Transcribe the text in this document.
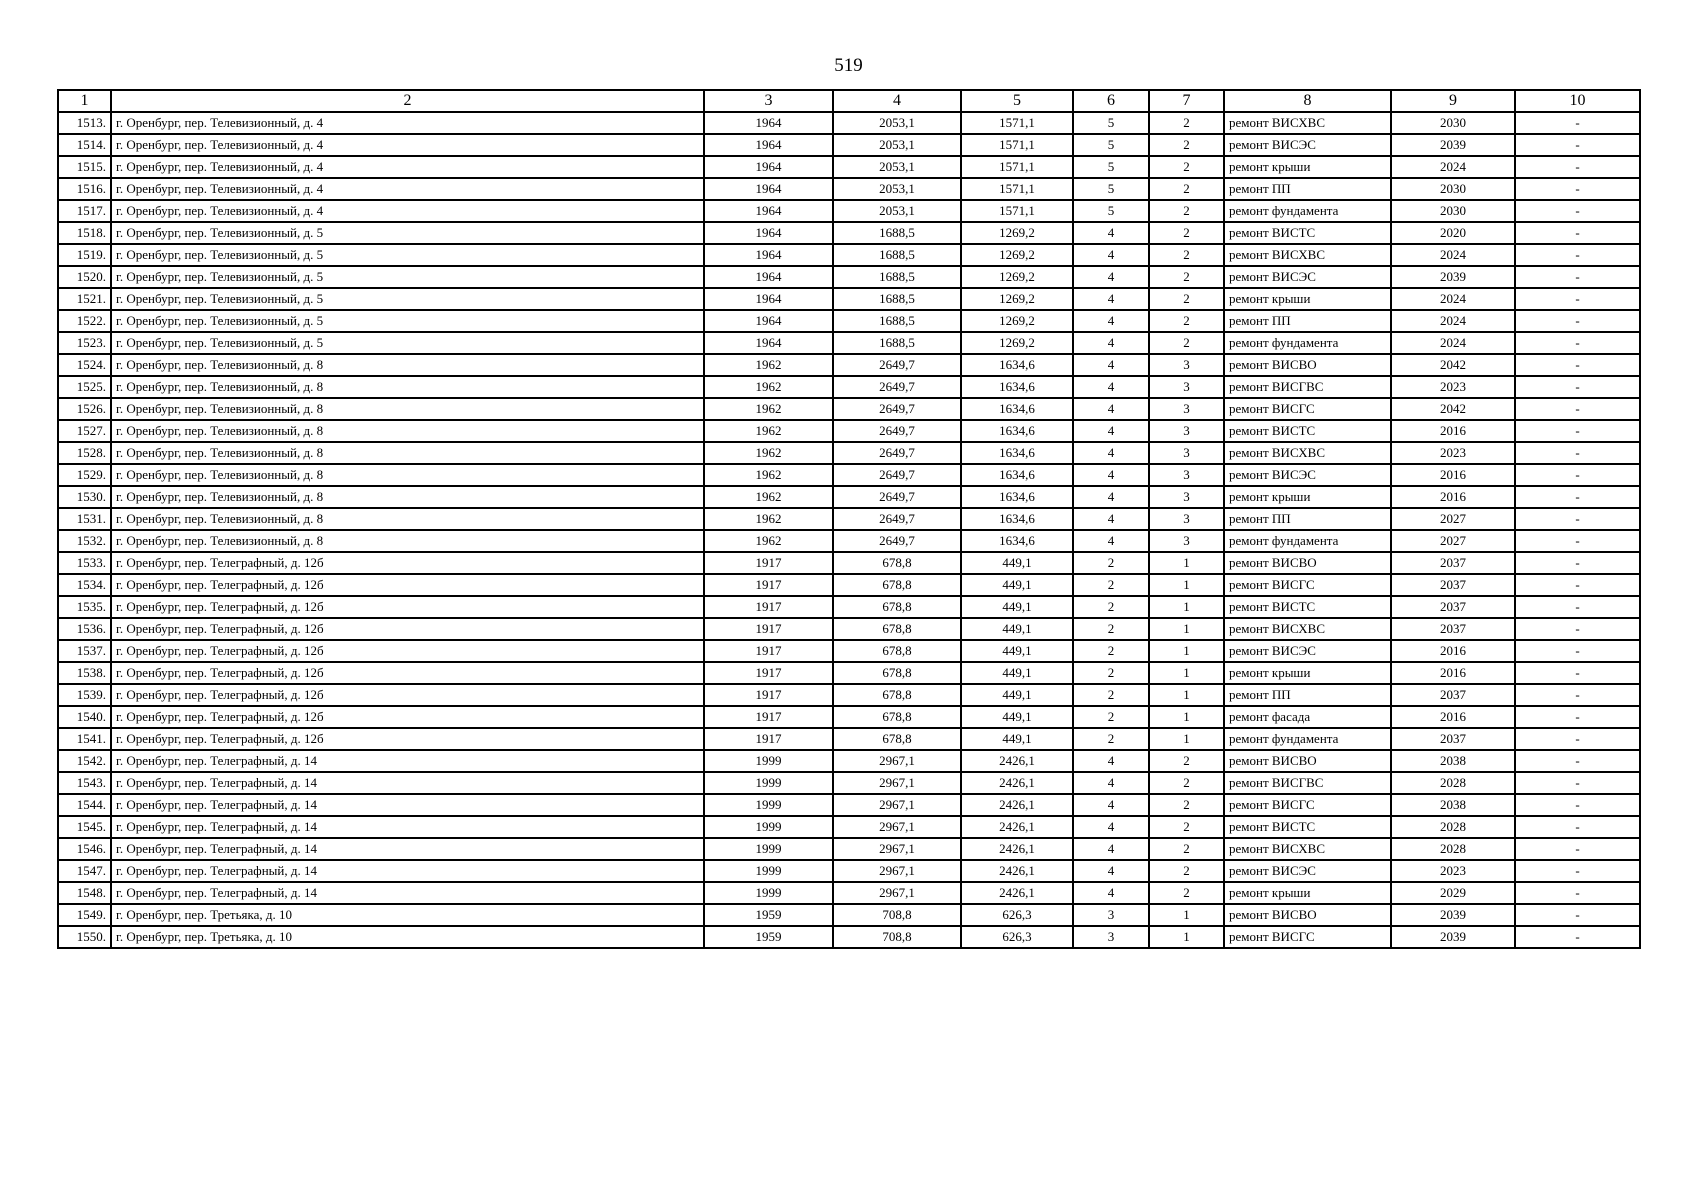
519
1	2	3	4	5	6	7	8	9	10
1513.	г. Оренбург, пер. Телевизионный, д. 4	1964	2053,1	1571,1	5	2	ремонт ВИСХВС	2030	-
1514.	г. Оренбург, пер. Телевизионный, д. 4	1964	2053,1	1571,1	5	2	ремонт ВИСЭС	2039	-
1515.	г. Оренбург, пер. Телевизионный, д. 4	1964	2053,1	1571,1	5	2	ремонт крыши	2024	-
1516.	г. Оренбург, пер. Телевизионный, д. 4	1964	2053,1	1571,1	5	2	ремонт ПП	2030	-
1517.	г. Оренбург, пер. Телевизионный, д. 4	1964	2053,1	1571,1	5	2	ремонт фундамента	2030	-
1518.	г. Оренбург, пер. Телевизионный, д. 5	1964	1688,5	1269,2	4	2	ремонт ВИСТС	2020	-
1519.	г. Оренбург, пер. Телевизионный, д. 5	1964	1688,5	1269,2	4	2	ремонт ВИСХВС	2024	-
1520.	г. Оренбург, пер. Телевизионный, д. 5	1964	1688,5	1269,2	4	2	ремонт ВИСЭС	2039	-
1521.	г. Оренбург, пер. Телевизионный, д. 5	1964	1688,5	1269,2	4	2	ремонт крыши	2024	-
1522.	г. Оренбург, пер. Телевизионный, д. 5	1964	1688,5	1269,2	4	2	ремонт ПП	2024	-
1523.	г. Оренбург, пер. Телевизионный, д. 5	1964	1688,5	1269,2	4	2	ремонт фундамента	2024	-
1524.	г. Оренбург, пер. Телевизионный, д. 8	1962	2649,7	1634,6	4	3	ремонт ВИСВО	2042	-
1525.	г. Оренбург, пер. Телевизионный, д. 8	1962	2649,7	1634,6	4	3	ремонт ВИСГВС	2023	-
1526.	г. Оренбург, пер. Телевизионный, д. 8	1962	2649,7	1634,6	4	3	ремонт ВИСГС	2042	-
1527.	г. Оренбург, пер. Телевизионный, д. 8	1962	2649,7	1634,6	4	3	ремонт ВИСТС	2016	-
1528.	г. Оренбург, пер. Телевизионный, д. 8	1962	2649,7	1634,6	4	3	ремонт ВИСХВС	2023	-
1529.	г. Оренбург, пер. Телевизионный, д. 8	1962	2649,7	1634,6	4	3	ремонт ВИСЭС	2016	-
1530.	г. Оренбург, пер. Телевизионный, д. 8	1962	2649,7	1634,6	4	3	ремонт крыши	2016	-
1531.	г. Оренбург, пер. Телевизионный, д. 8	1962	2649,7	1634,6	4	3	ремонт ПП	2027	-
1532.	г. Оренбург, пер. Телевизионный, д. 8	1962	2649,7	1634,6	4	3	ремонт фундамента	2027	-
1533.	г. Оренбург, пер. Телеграфный, д. 12б	1917	678,8	449,1	2	1	ремонт ВИСВО	2037	-
1534.	г. Оренбург, пер. Телеграфный, д. 12б	1917	678,8	449,1	2	1	ремонт ВИСГС	2037	-
1535.	г. Оренбург, пер. Телеграфный, д. 12б	1917	678,8	449,1	2	1	ремонт ВИСТС	2037	-
1536.	г. Оренбург, пер. Телеграфный, д. 12б	1917	678,8	449,1	2	1	ремонт ВИСХВС	2037	-
1537.	г. Оренбург, пер. Телеграфный, д. 12б	1917	678,8	449,1	2	1	ремонт ВИСЭС	2016	-
1538.	г. Оренбург, пер. Телеграфный, д. 12б	1917	678,8	449,1	2	1	ремонт крыши	2016	-
1539.	г. Оренбург, пер. Телеграфный, д. 12б	1917	678,8	449,1	2	1	ремонт ПП	2037	-
1540.	г. Оренбург, пер. Телеграфный, д. 12б	1917	678,8	449,1	2	1	ремонт фасада	2016	-
1541.	г. Оренбург, пер. Телеграфный, д. 12б	1917	678,8	449,1	2	1	ремонт фундамента	2037	-
1542.	г. Оренбург, пер. Телеграфный, д. 14	1999	2967,1	2426,1	4	2	ремонт ВИСВО	2038	-
1543.	г. Оренбург, пер. Телеграфный, д. 14	1999	2967,1	2426,1	4	2	ремонт ВИСГВС	2028	-
1544.	г. Оренбург, пер. Телеграфный, д. 14	1999	2967,1	2426,1	4	2	ремонт ВИСГС	2038	-
1545.	г. Оренбург, пер. Телеграфный, д. 14	1999	2967,1	2426,1	4	2	ремонт ВИСТС	2028	-
1546.	г. Оренбург, пер. Телеграфный, д. 14	1999	2967,1	2426,1	4	2	ремонт ВИСХВС	2028	-
1547.	г. Оренбург, пер. Телеграфный, д. 14	1999	2967,1	2426,1	4	2	ремонт ВИСЭС	2023	-
1548.	г. Оренбург, пер. Телеграфный, д. 14	1999	2967,1	2426,1	4	2	ремонт крыши	2029	-
1549.	г. Оренбург, пер. Третьяка, д. 10	1959	708,8	626,3	3	1	ремонт ВИСВО	2039	-
1550.	г. Оренбург, пер. Третьяка, д. 10	1959	708,8	626,3	3	1	ремонт ВИСГС	2039	-
